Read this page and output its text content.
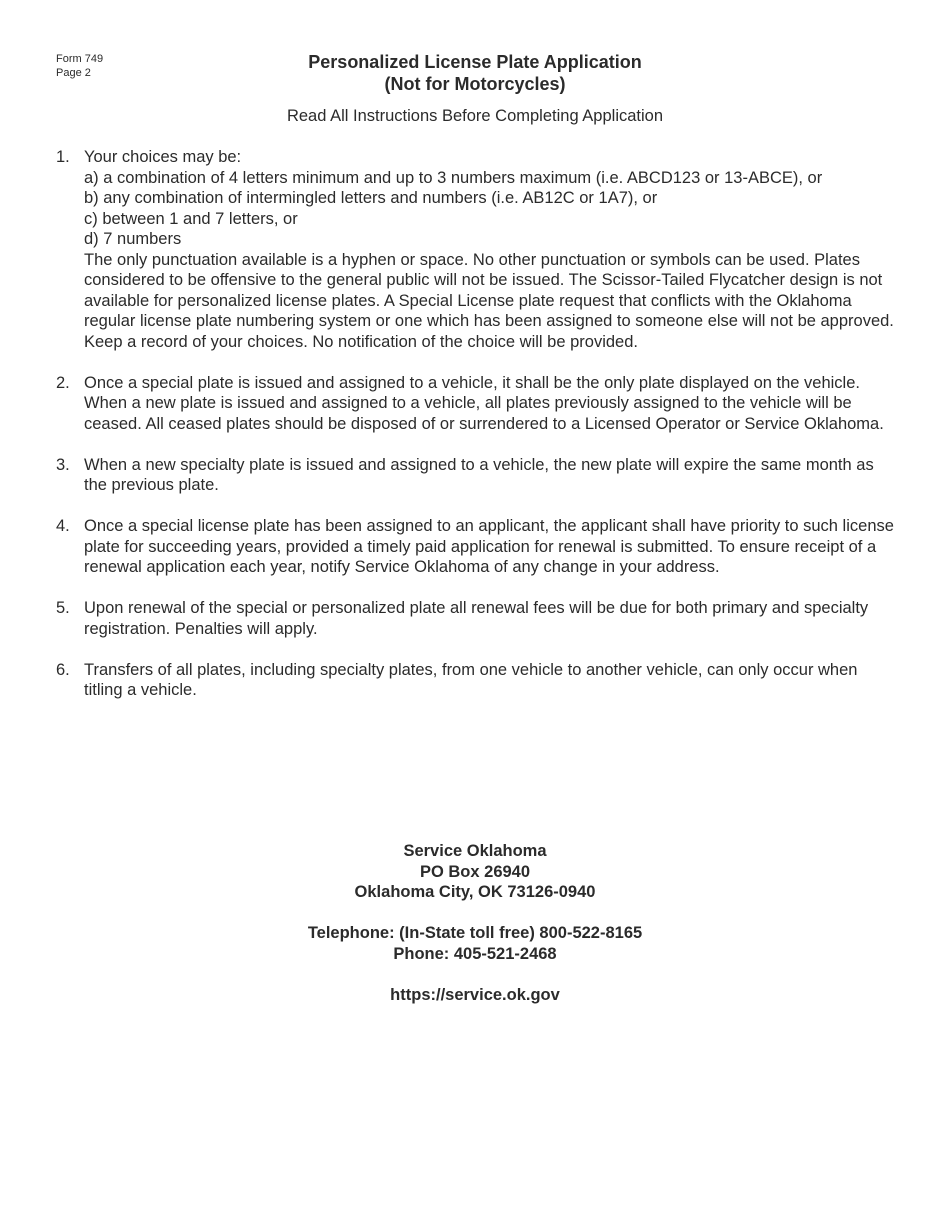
Form 749
Page 2
Personalized License Plate Application
(Not for Motorcycles)
Read All Instructions Before Completing Application
1. Your choices may be:

a) a combination of 4 letters minimum and up to 3 numbers maximum (i.e. ABCD123 or 13-ABCE), or

b) any combination of intermingled letters and numbers (i.e. AB12C or 1A7), or

c) between 1 and 7 letters, or

d) 7 numbers

The only punctuation available is a hyphen or space. No other punctuation or symbols can be used. Plates considered to be offensive to the general public will not be issued. The Scissor-Tailed Flycatcher design is not available for personalized license plates. A Special License plate request that conflicts with the Oklahoma regular license plate numbering system or one which has been assigned to someone else will not be approved. Keep a record of your choices. No notification of the choice will be provided.

2. Once a special plate is issued and assigned to a vehicle, it shall be the only plate displayed on the vehicle. When a new plate is issued and assigned to a vehicle, all plates previously assigned to the vehicle will be ceased. All ceased plates should be disposed of or surrendered to a Licensed Operator or Service Oklahoma.

3. When a new specialty plate is issued and assigned to a vehicle, the new plate will expire the same month as the previous plate.

4. Once a special license plate has been assigned to an applicant, the applicant shall have priority to such license plate for succeeding years, provided a timely paid application for renewal is submitted. To ensure receipt of a renewal application each year, notify Service Oklahoma of any change in your address.

5. Upon renewal of the special or personalized plate all renewal fees will be due for both primary and specialty registration. Penalties will apply.

6. Transfers of all plates, including specialty plates, from one vehicle to another vehicle, can only occur when titling a vehicle.

Service Oklahoma
PO Box 26940
Oklahoma City, OK 73126-0940
Telephone: (In-State toll free) 800-522-8165
Phone: 405-521-2468
https://service.ok.gov
